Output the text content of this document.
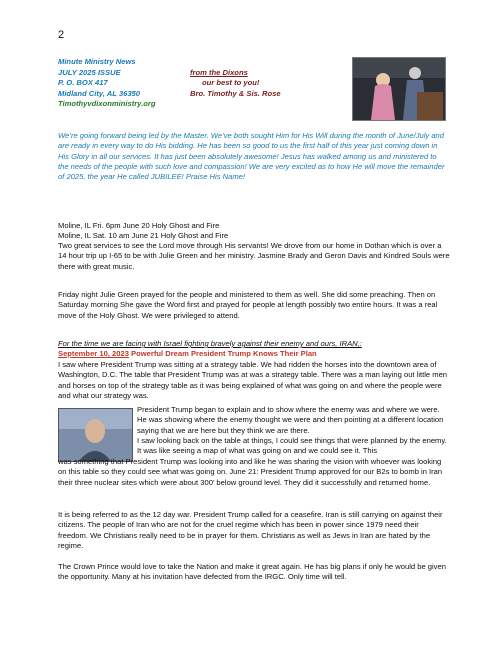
2
Minute Ministry News
JULY 2025 ISSUE	from the Dixons
P. O. BOX 417	our best to you!
Midland City, AL 36350	Bro. Timothy & Sis. Rose
Timothyvdixonministry.org
We’re going forward being led by the Master. We’ve both sought Him for His Will during the month of June/July and are ready in every way to do His bidding. He has been so good to us the first half of this year just coming down in His Glory in all our services. It has just been absolutely awesome! Jesus has walked among us and ministered to the needs of the people with such love and compassion! We are very excited as to how He will move the remainder of 2025, the year He called JUBILEE! Praise His Name!
Moline, IL Fri. 6pm June 20 Holy Ghost and Fire
Moline, IL Sat. 10 am June 21 Holy Ghost and Fire
Two great services to see the Lord move through His servants! We drove from our home in Dothan which is over a 14 hour trip up I-65 to be with Julie Green and her ministry. Jasmine Brady and Geron Davis and Kindred Souls were there with great music.
Friday night Julie Green prayed for the people and ministered to them as well. She did some preaching. Then on Saturday morning She gave the Word first and prayed for people at length possibly two entire hours. It was a real move of the Holy Ghost. We were privileged to attend.
For the time we are facing with Israel fighting bravely against their enemy and ours, IRAN,:
September 10, 2023 Powerful Dream President Trump Knows Their Plan
I saw where President Trump was sitting at a strategy table. We had ridden the horses into the downtown area of Washington, D.C. The table that President Trump was at was a strategy table. There was a man laying out little men and horses on top of the strategy table as it was being explained of what was going on and where the people were and what our strategy was.
President Trump began to explain and to show where the enemy was and where we were. He was showing where the enemy thought we were and then pointing at a different location saying that we are here but they think we are there.
I saw looking back on the table at things, I could see things that were planned by the enemy. It was like seeing a map of what was going on and we could see it. This
was something that President Trump was looking into and like he was sharing the vision with whoever was looking on this table so they could see what was going on. June 21: President Trump approved for our B2s to bomb in Iran their three nuclear sites which were about 300’ below ground level. They did it successfully and returned home.
It is being referred to as the 12 day war. President Trump called for a ceasefire. Iran is still carrying on against their citizens. The people of Iran who are not for the cruel regime which has been in power since 1979 need their freedom. We Christians really need to be in prayer for them. Christians as well as Jews in Iran are hated by the regime.
The Crown Prince would love to take the Nation and make it great again. He has big plans if only he would be given the opportunity. Many at his invitation have defected from the IRGC. Only time will tell.
